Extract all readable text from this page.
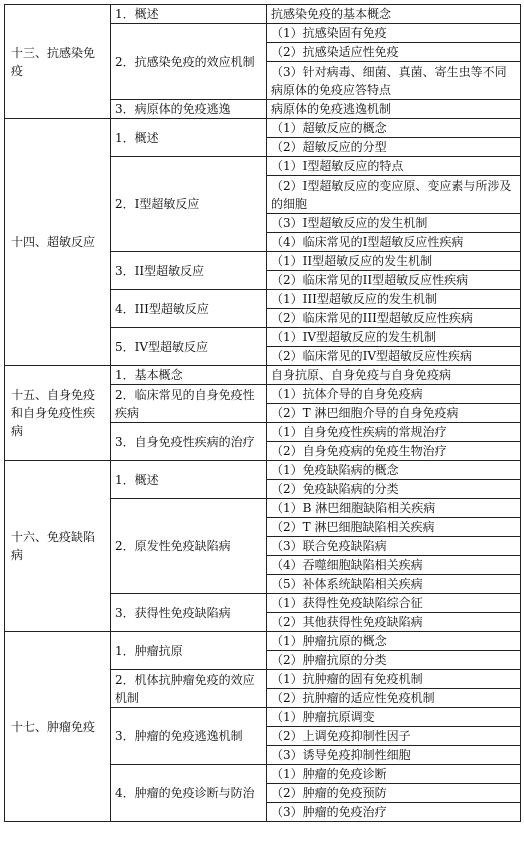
十三、抗感染免疫	1．概述	抗感染免疫的基本概念
	2．抗感染免疫的效应机制	（1）抗感染固有免疫
		（2）抗感染适应性免疫
		（3）针对病毒、细菌、真菌、寄生虫等不同病原体的免疫应答特点
	3．病原体的免疫逃逸	病原体的免疫逃逸机制
十四、超敏反应	1．概述	（1）超敏反应的概念
		（2）超敏反应的分型
	2．I型超敏反应	（1）I型超敏反应的特点
		（2）I型超敏反应的变应原、变应素与所涉及的细胞
		（3）I型超敏反应的发生机制
		（4）临床常见的I型超敏反应性疾病
	3．II型超敏反应	（1）II型超敏反应的发生机制
		（2）临床常见的II型超敏反应性疾病
	4．III型超敏反应	（1）III型超敏反应的发生机制
		（2）临床常见的III型超敏反应性疾病
	5．IV型超敏反应	（1）IV型超敏反应的发生机制
		（2）临床常见的IV型超敏反应性疾病
十五、自身免疫和自身免疫性疾病	1．基本概念	自身抗原、自身免疫与自身免疫病
	2．临床常见的自身免疫性疾病	（1）抗体介导的自身免疫病
		（2）T 淋巴细胞介导的自身免疫病
	3．自身免疫性疾病的治疗	（1）自身免疫性疾病的常规治疗
		（2）自身免疫病的免疫生物治疗
十六、免疫缺陷病	1．概述	（1）免疫缺陷病的概念
		（2）免疫缺陷病的分类
	2．原发性免疫缺陷病	（1）B 淋巴细胞缺陷相关疾病
		（2）T 淋巴细胞缺陷相关疾病
		（3）联合免疫缺陷病
		（4）吞噬细胞缺陷相关疾病
		（5）补体系统缺陷相关疾病
	3．获得性免疫缺陷病	（1）获得性免疫缺陷综合征
		（2）其他获得性免疫缺陷病
十七、肿瘤免疫	1．肿瘤抗原	（1）肿瘤抗原的概念
		（2）肿瘤抗原的分类
	2．机体抗肿瘤免疫的效应机制	（1）抗肿瘤的固有免疫机制
		（2）抗肿瘤的适应性免疫机制
	3．肿瘤的免疫逃逸机制	（1）肿瘤抗原调变
		（2）上调免疫抑制性因子
		（3）诱导免疫抑制性细胞
	4．肿瘤的免疫诊断与防治	（1）肿瘤的免疫诊断
		（2）肿瘤的免疫预防
		（3）肿瘤的免疫治疗
